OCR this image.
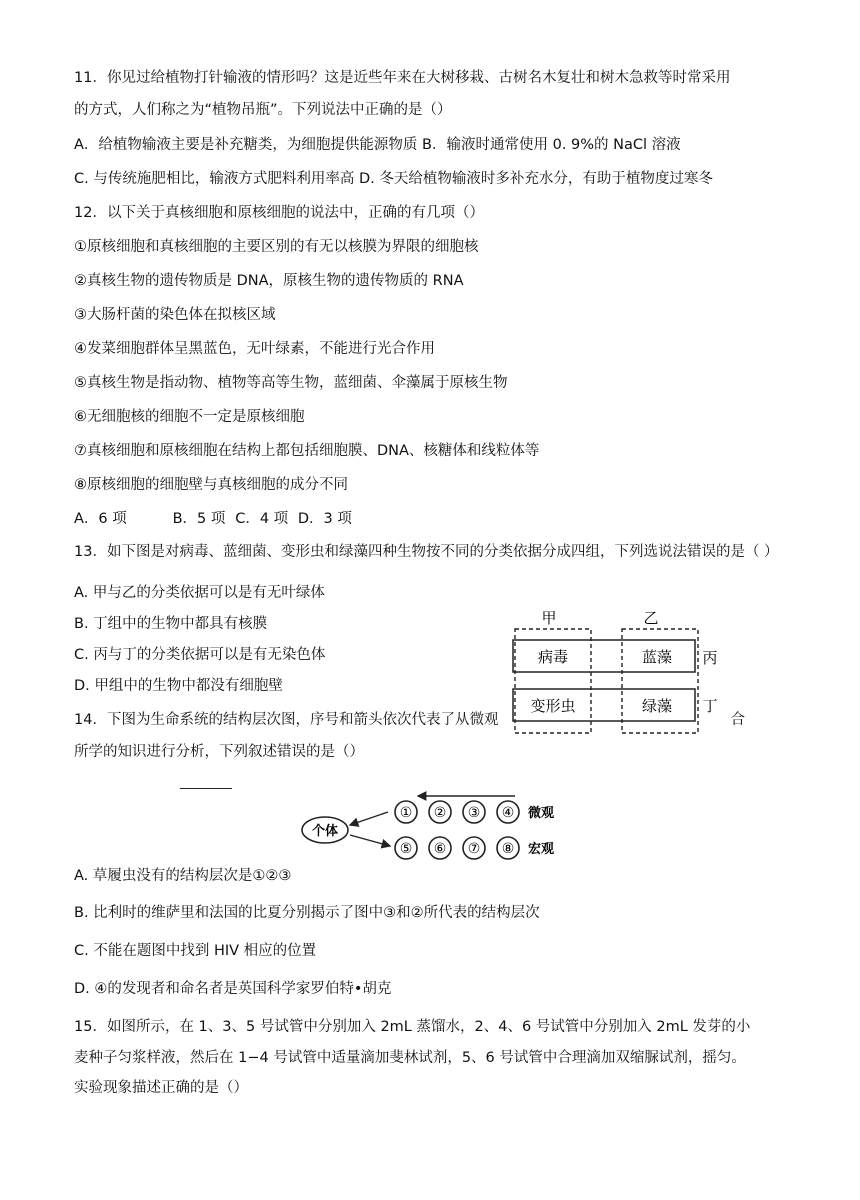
11．你见过给植物打针输液的情形吗？这是近些年来在大树移栽、古树名木复壮和树木急救等时常采用
的方式，人们称之为“植物吊瓶”。下列说法中正确的是（）
A．给植物输液主要是补充糖类，为细胞提供能源物质 B．输液时通常使用 0. 9%的 NaCl 溶液
C. 与传统施肥相比，输液方式肥料利用率高 D. 冬天给植物输液时多补充水分，有助于植物度过寒冬
12．以下关于真核细胞和原核细胞的说法中，正确的有几项（）
①原核细胞和真核细胞的主要区别的有无以核膜为界限的细胞核
②真核生物的遗传物质是 DNA，原核生物的遗传物质的 RNA
③大肠杆菌的染色体在拟核区域
④发菜细胞群体呈黑蓝色，无叶绿素，不能进行光合作用
⑤真核生物是指动物、植物等高等生物，蓝细菌、伞藻属于原核生物
⑥无细胞核的细胞不一定是原核细胞
⑦真核细胞和原核细胞在结构上都包括细胞膜、DNA、核糖体和线粒体等
⑧原核细胞的细胞壁与真核细胞的成分不同
A．6 项	B．5 项 C．4 项 D．3 项
13．如下图是对病毒、蓝细菌、变形虫和绿藻四种生物按不同的分类依据分成四组，下列选说法错误的是（ ）
A. 甲与乙的分类依据可以是有无叶绿体
B. 丁组中的生物中都具有核膜
C. 丙与丁的分类依据可以是有无染色体
D. 甲组中的生物中都没有细胞壁
14．下图为生命系统的结构层次图，序号和箭头依次代表了从微观	结合
所学的知识进行分析，下列叙述错误的是（）
甲	乙
病毒	蓝藻
变形虫	绿藻
丙
丁
个体
① ② ③ ④ 微观
⑤ ⑥ ⑦ ⑧ 宏观
A. 草履虫没有的结构层次是①②③
B. 比利时的维萨里和法国的比夏分别揭示了图中③和②所代表的结构层次
C. 不能在题图中找到 HIV 相应的位置
D. ④的发现者和命名者是英国科学家罗伯特•胡克
15．如图所示，在 1、3、5 号试管中分别加入 2mL 蒸馏水，2、4、6 号试管中分别加入 2mL 发芽的小
麦种子匀浆样液，然后在 1−4 号试管中适量滴加斐林试剂，5、6 号试管中合理滴加双缩脲试剂，摇匀。
实验现象描述正确的是（）
